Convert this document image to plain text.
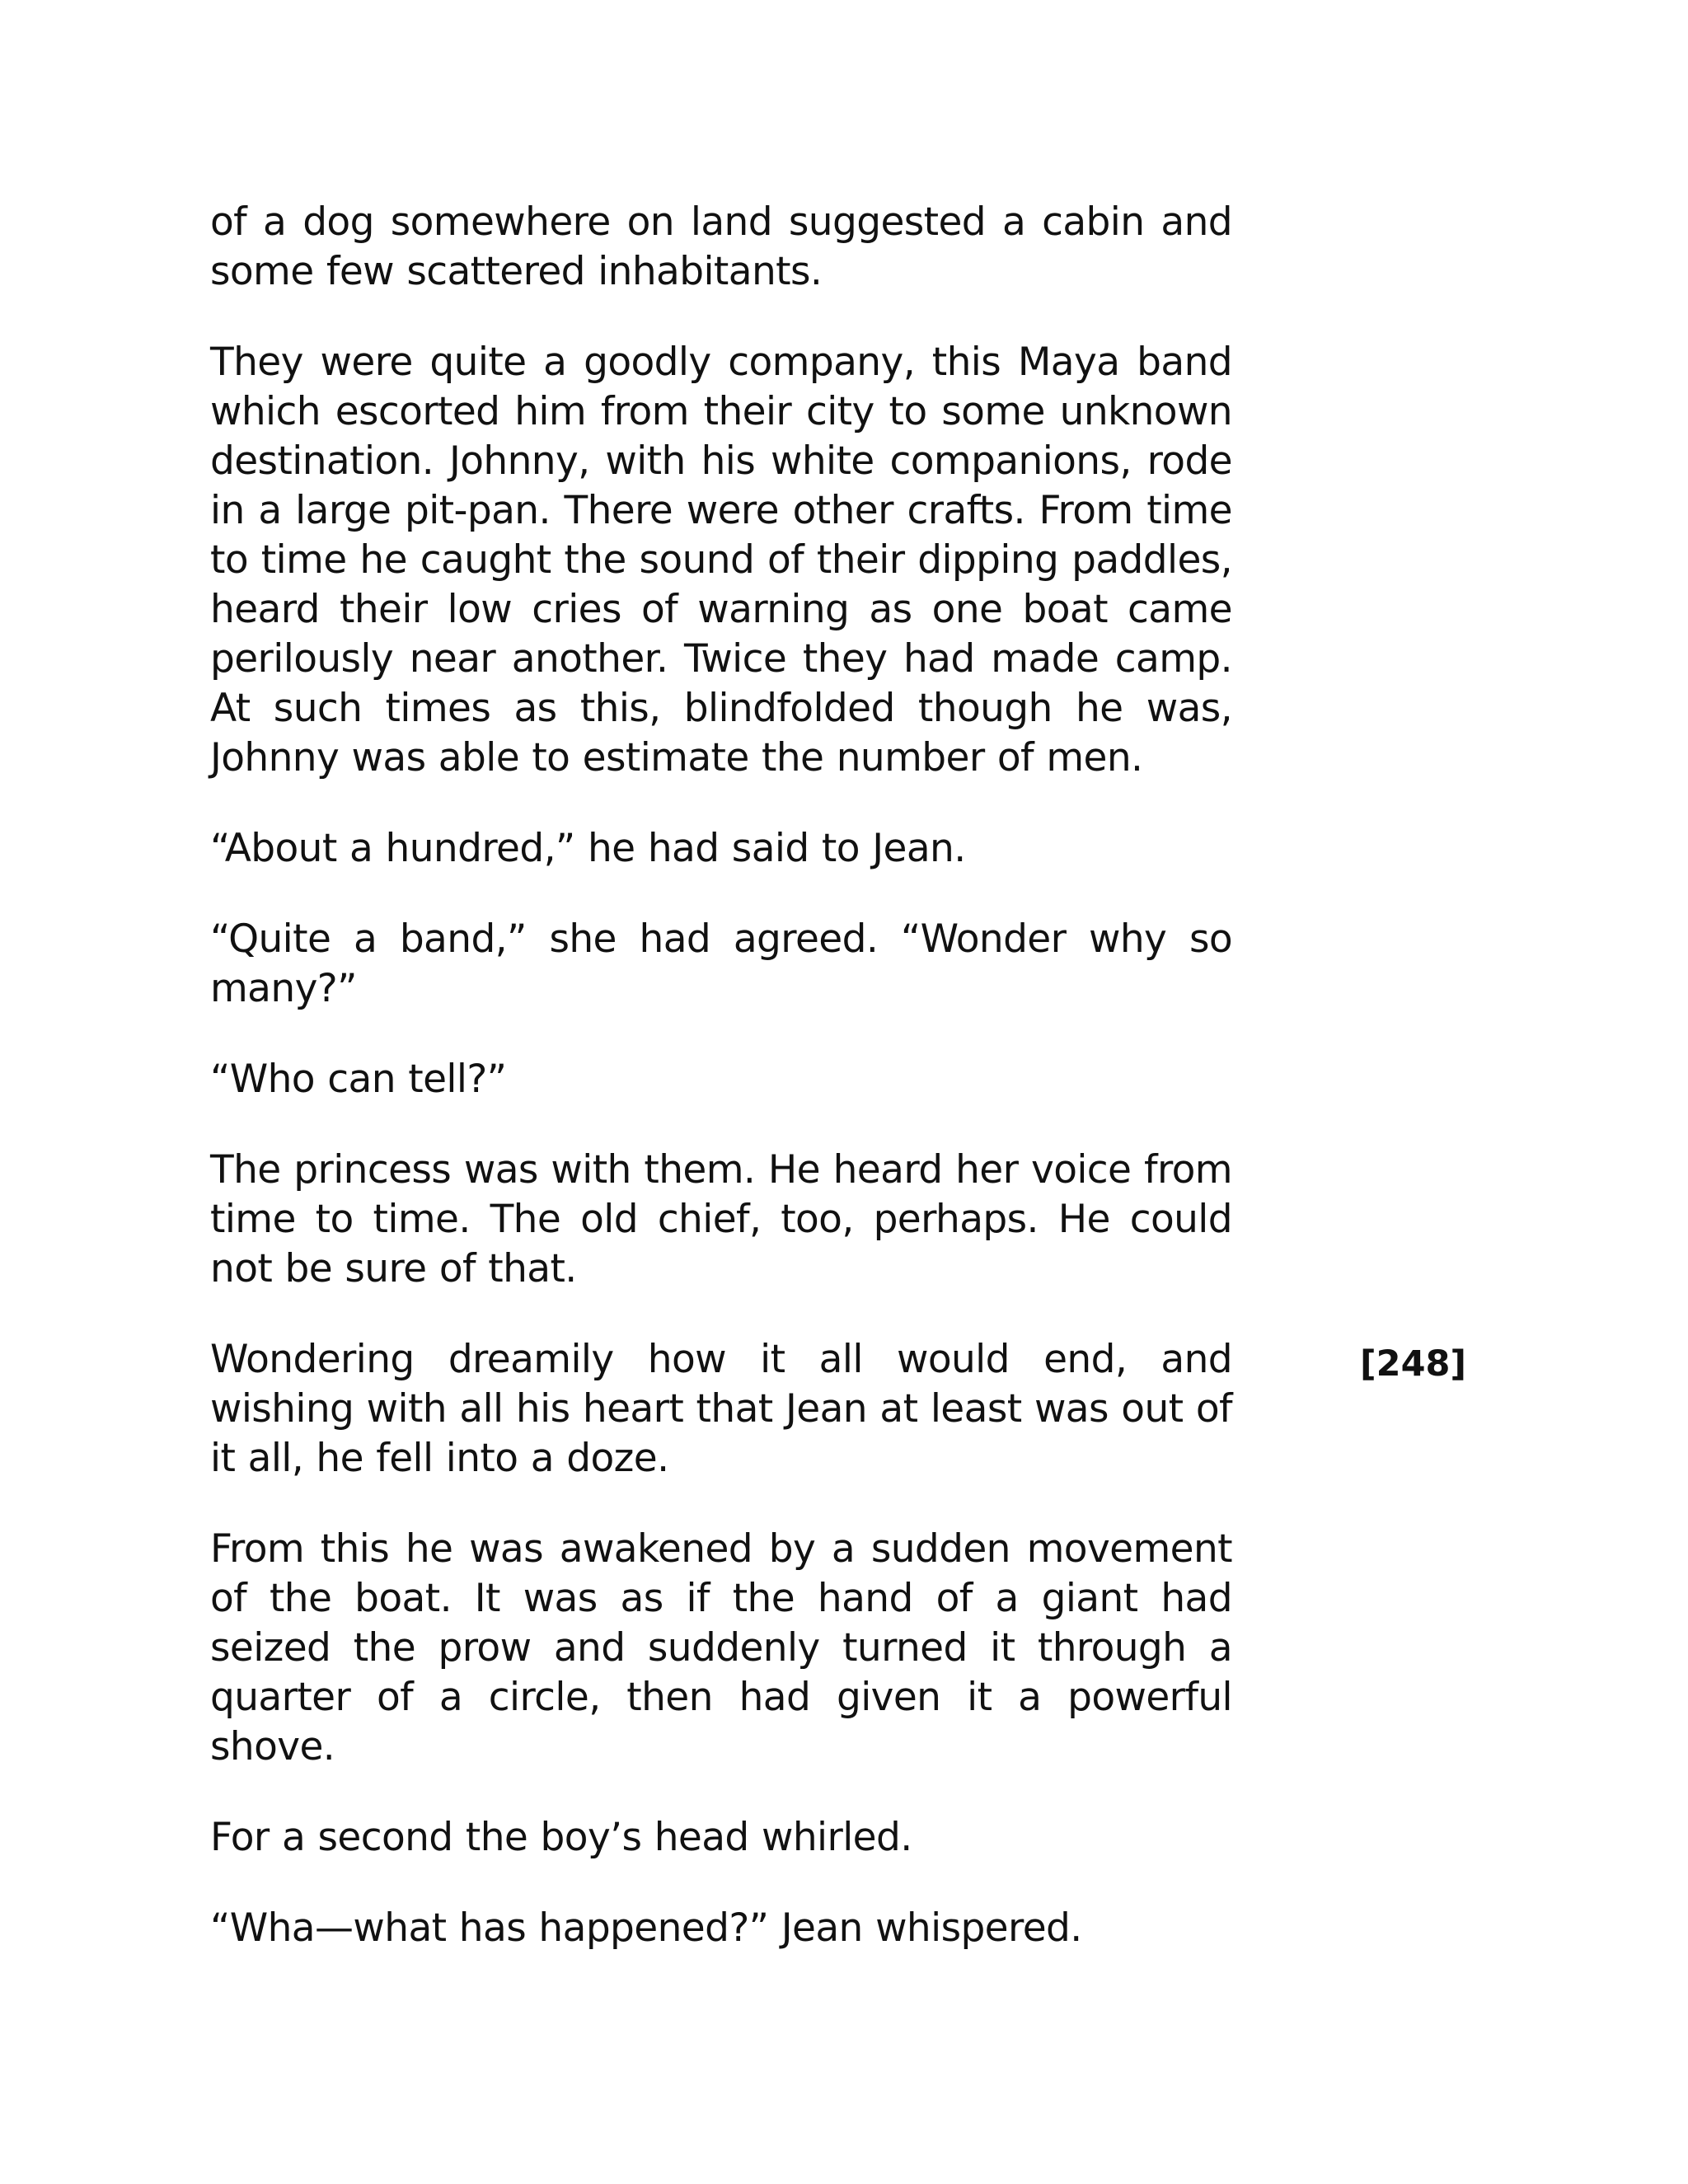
of a dog somewhere on land suggested a cabin and some few scattered inhabitants.

They were quite a goodly company, this Maya band which escorted him from their city to some unknown destination. Johnny, with his white companions, rode in a large pit-pan. There were other crafts. From time to time he caught the sound of their dipping paddles, heard their low cries of warning as one boat came perilously near another. Twice they had made camp. At such times as this, blindfolded though he was, Johnny was able to estimate the number of men.

“About a hundred,” he had said to Jean.

“Quite a band,” she had agreed. “Wonder why so many?”

“Who can tell?”

The princess was with them. He heard her voice from time to time. The old chief, too, perhaps. He could not be sure of that.

Wondering dreamily how it all would end, and wishing with all his heart that Jean at least was out of it all, he fell into a doze.

From this he was awakened by a sudden movement of the boat. It was as if the hand of a giant had seized the prow and suddenly turned it through a quarter of a circle, then had given it a powerful shove.

For a second the boy’s head whirled.

“Wha—what has happened?” Jean whispered.

[248]
